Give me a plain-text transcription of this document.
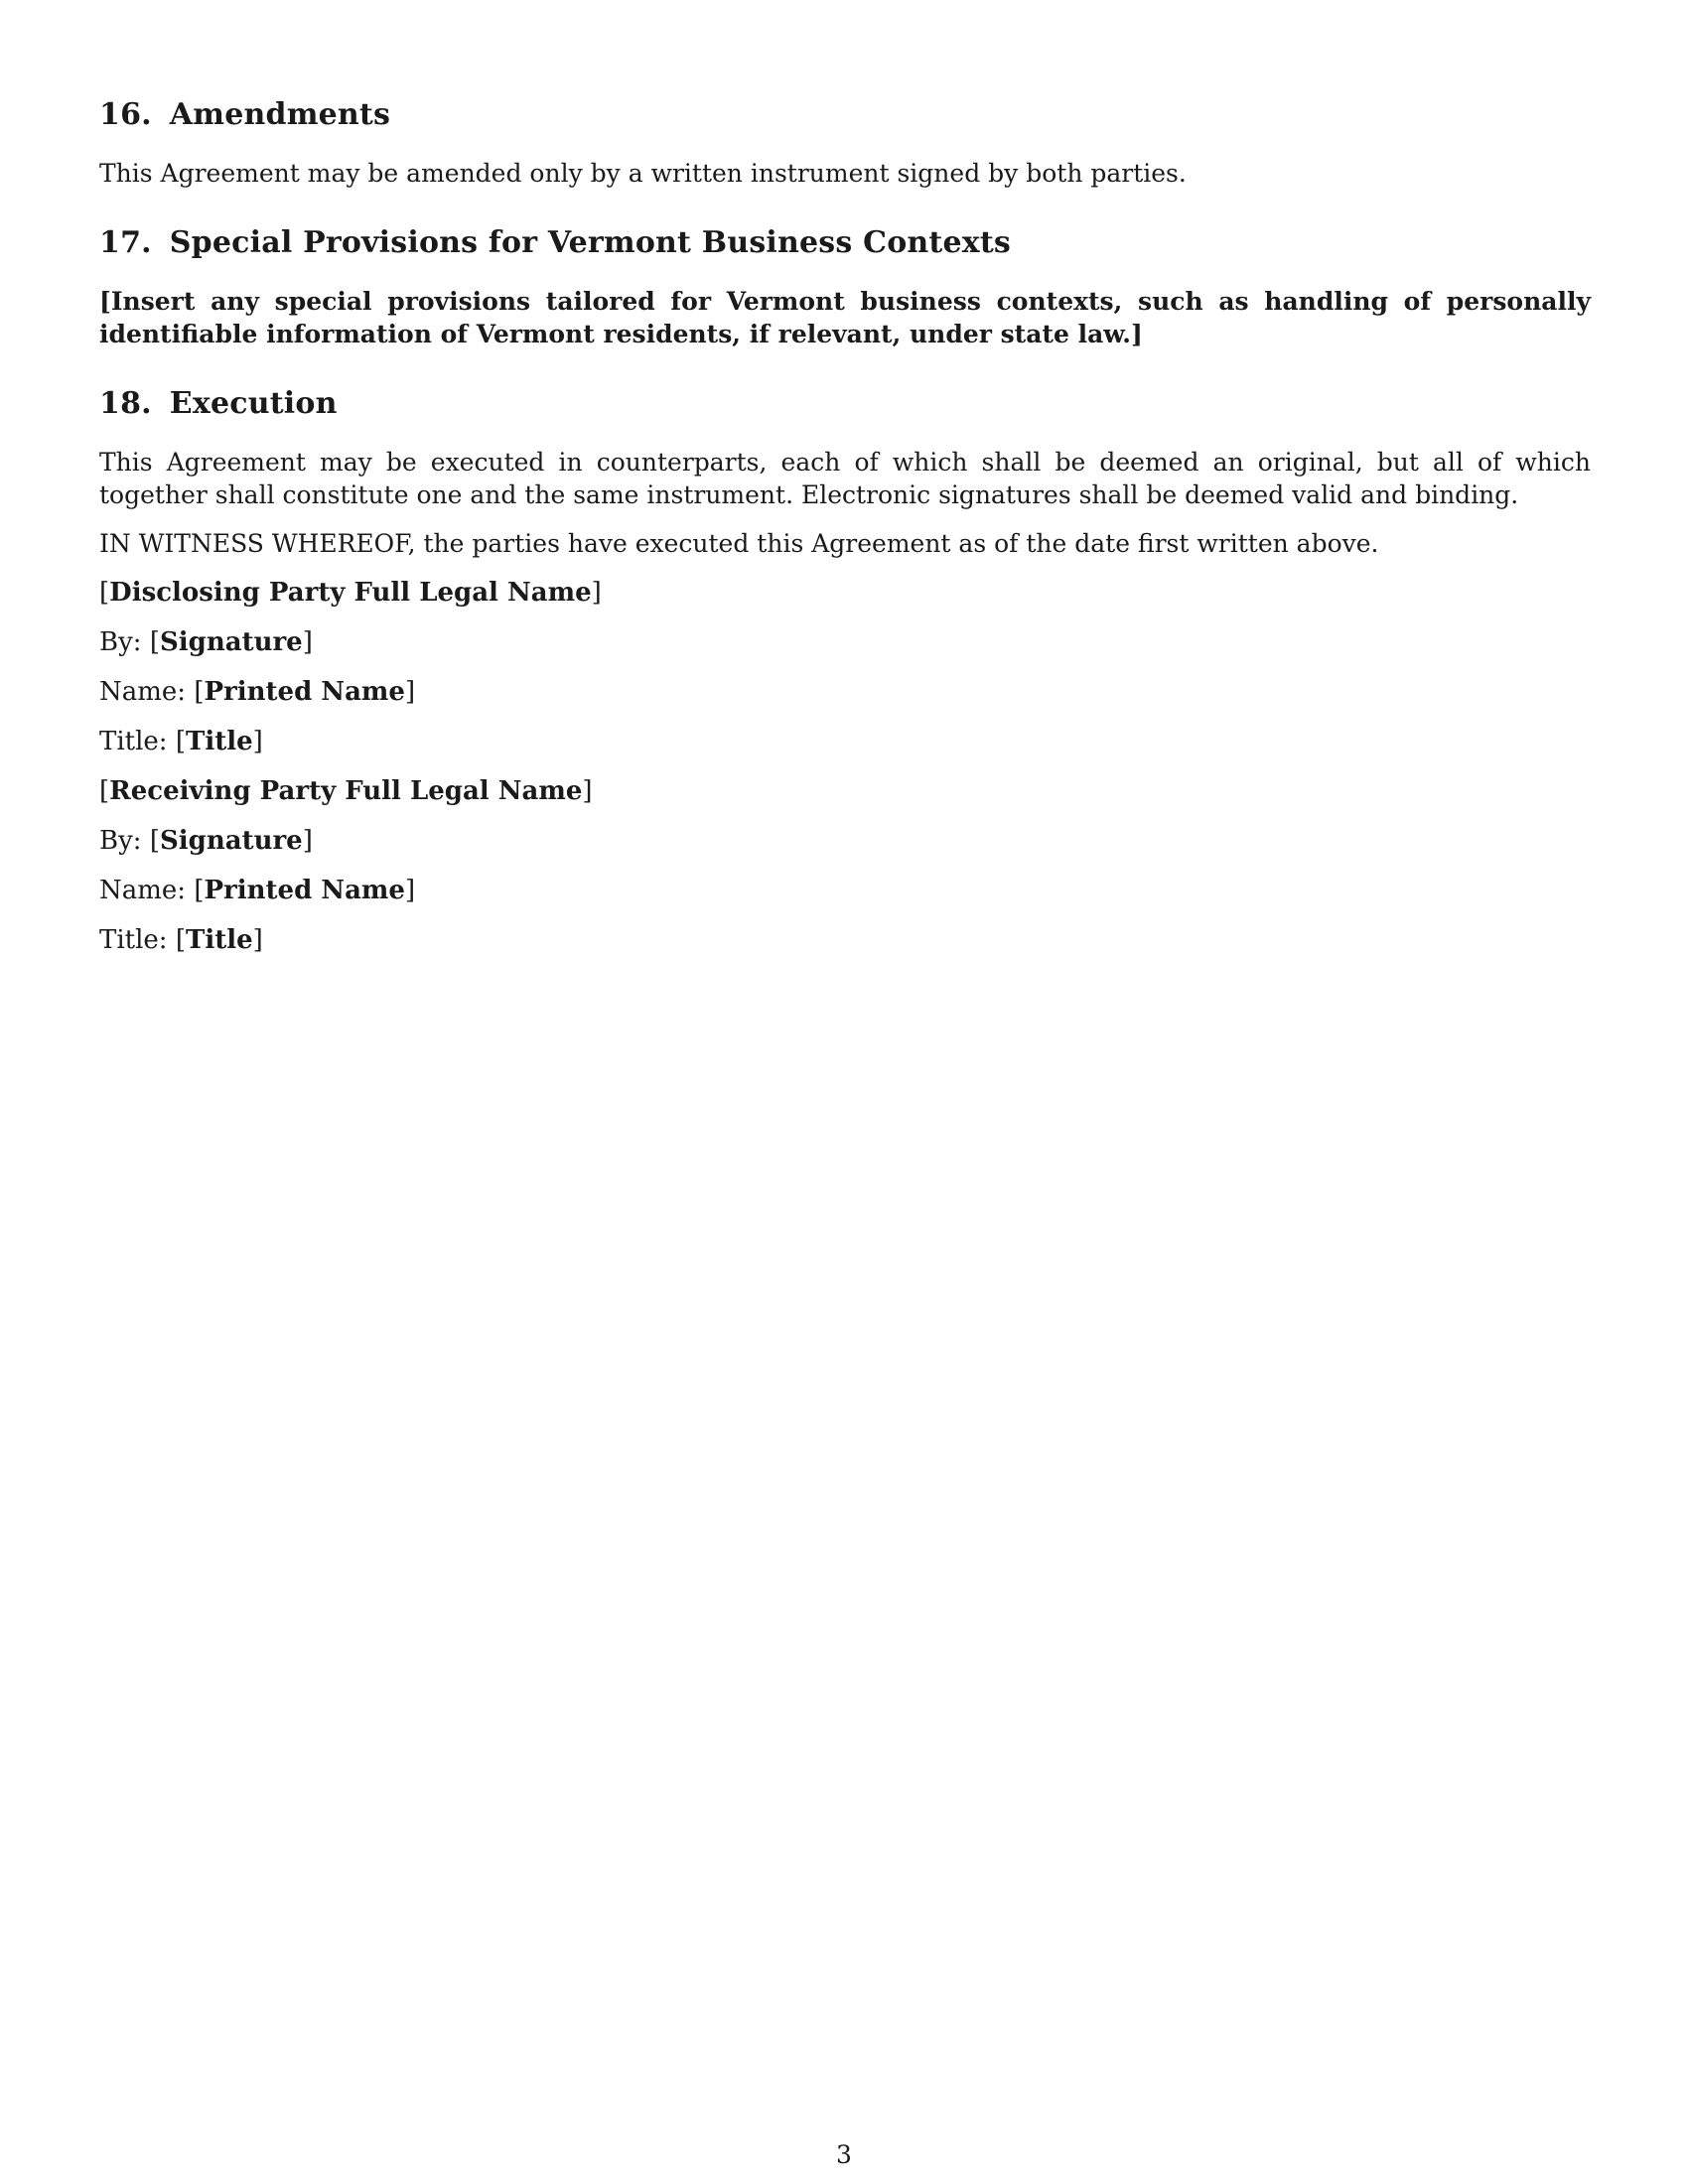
16. Amendments

This Agreement may be amended only by a written instrument signed by both parties.

17. Special Provisions for Vermont Business Contexts

[Insert any special provisions tailored for Vermont business contexts, such as handling of personally identifiable information of Vermont residents, if relevant, under state law.]

18. Execution

This Agreement may be executed in counterparts, each of which shall be deemed an original, but all of which together shall constitute one and the same instrument. Electronic signatures shall be deemed valid and binding.

IN WITNESS WHEREOF, the parties have executed this Agreement as of the date first written above.

[Disclosing Party Full Legal Name]
By: [Signature]
Name: [Printed Name]
Title: [Title]
[Receiving Party Full Legal Name]
By: [Signature]
Name: [Printed Name]
Title: [Title]
3
